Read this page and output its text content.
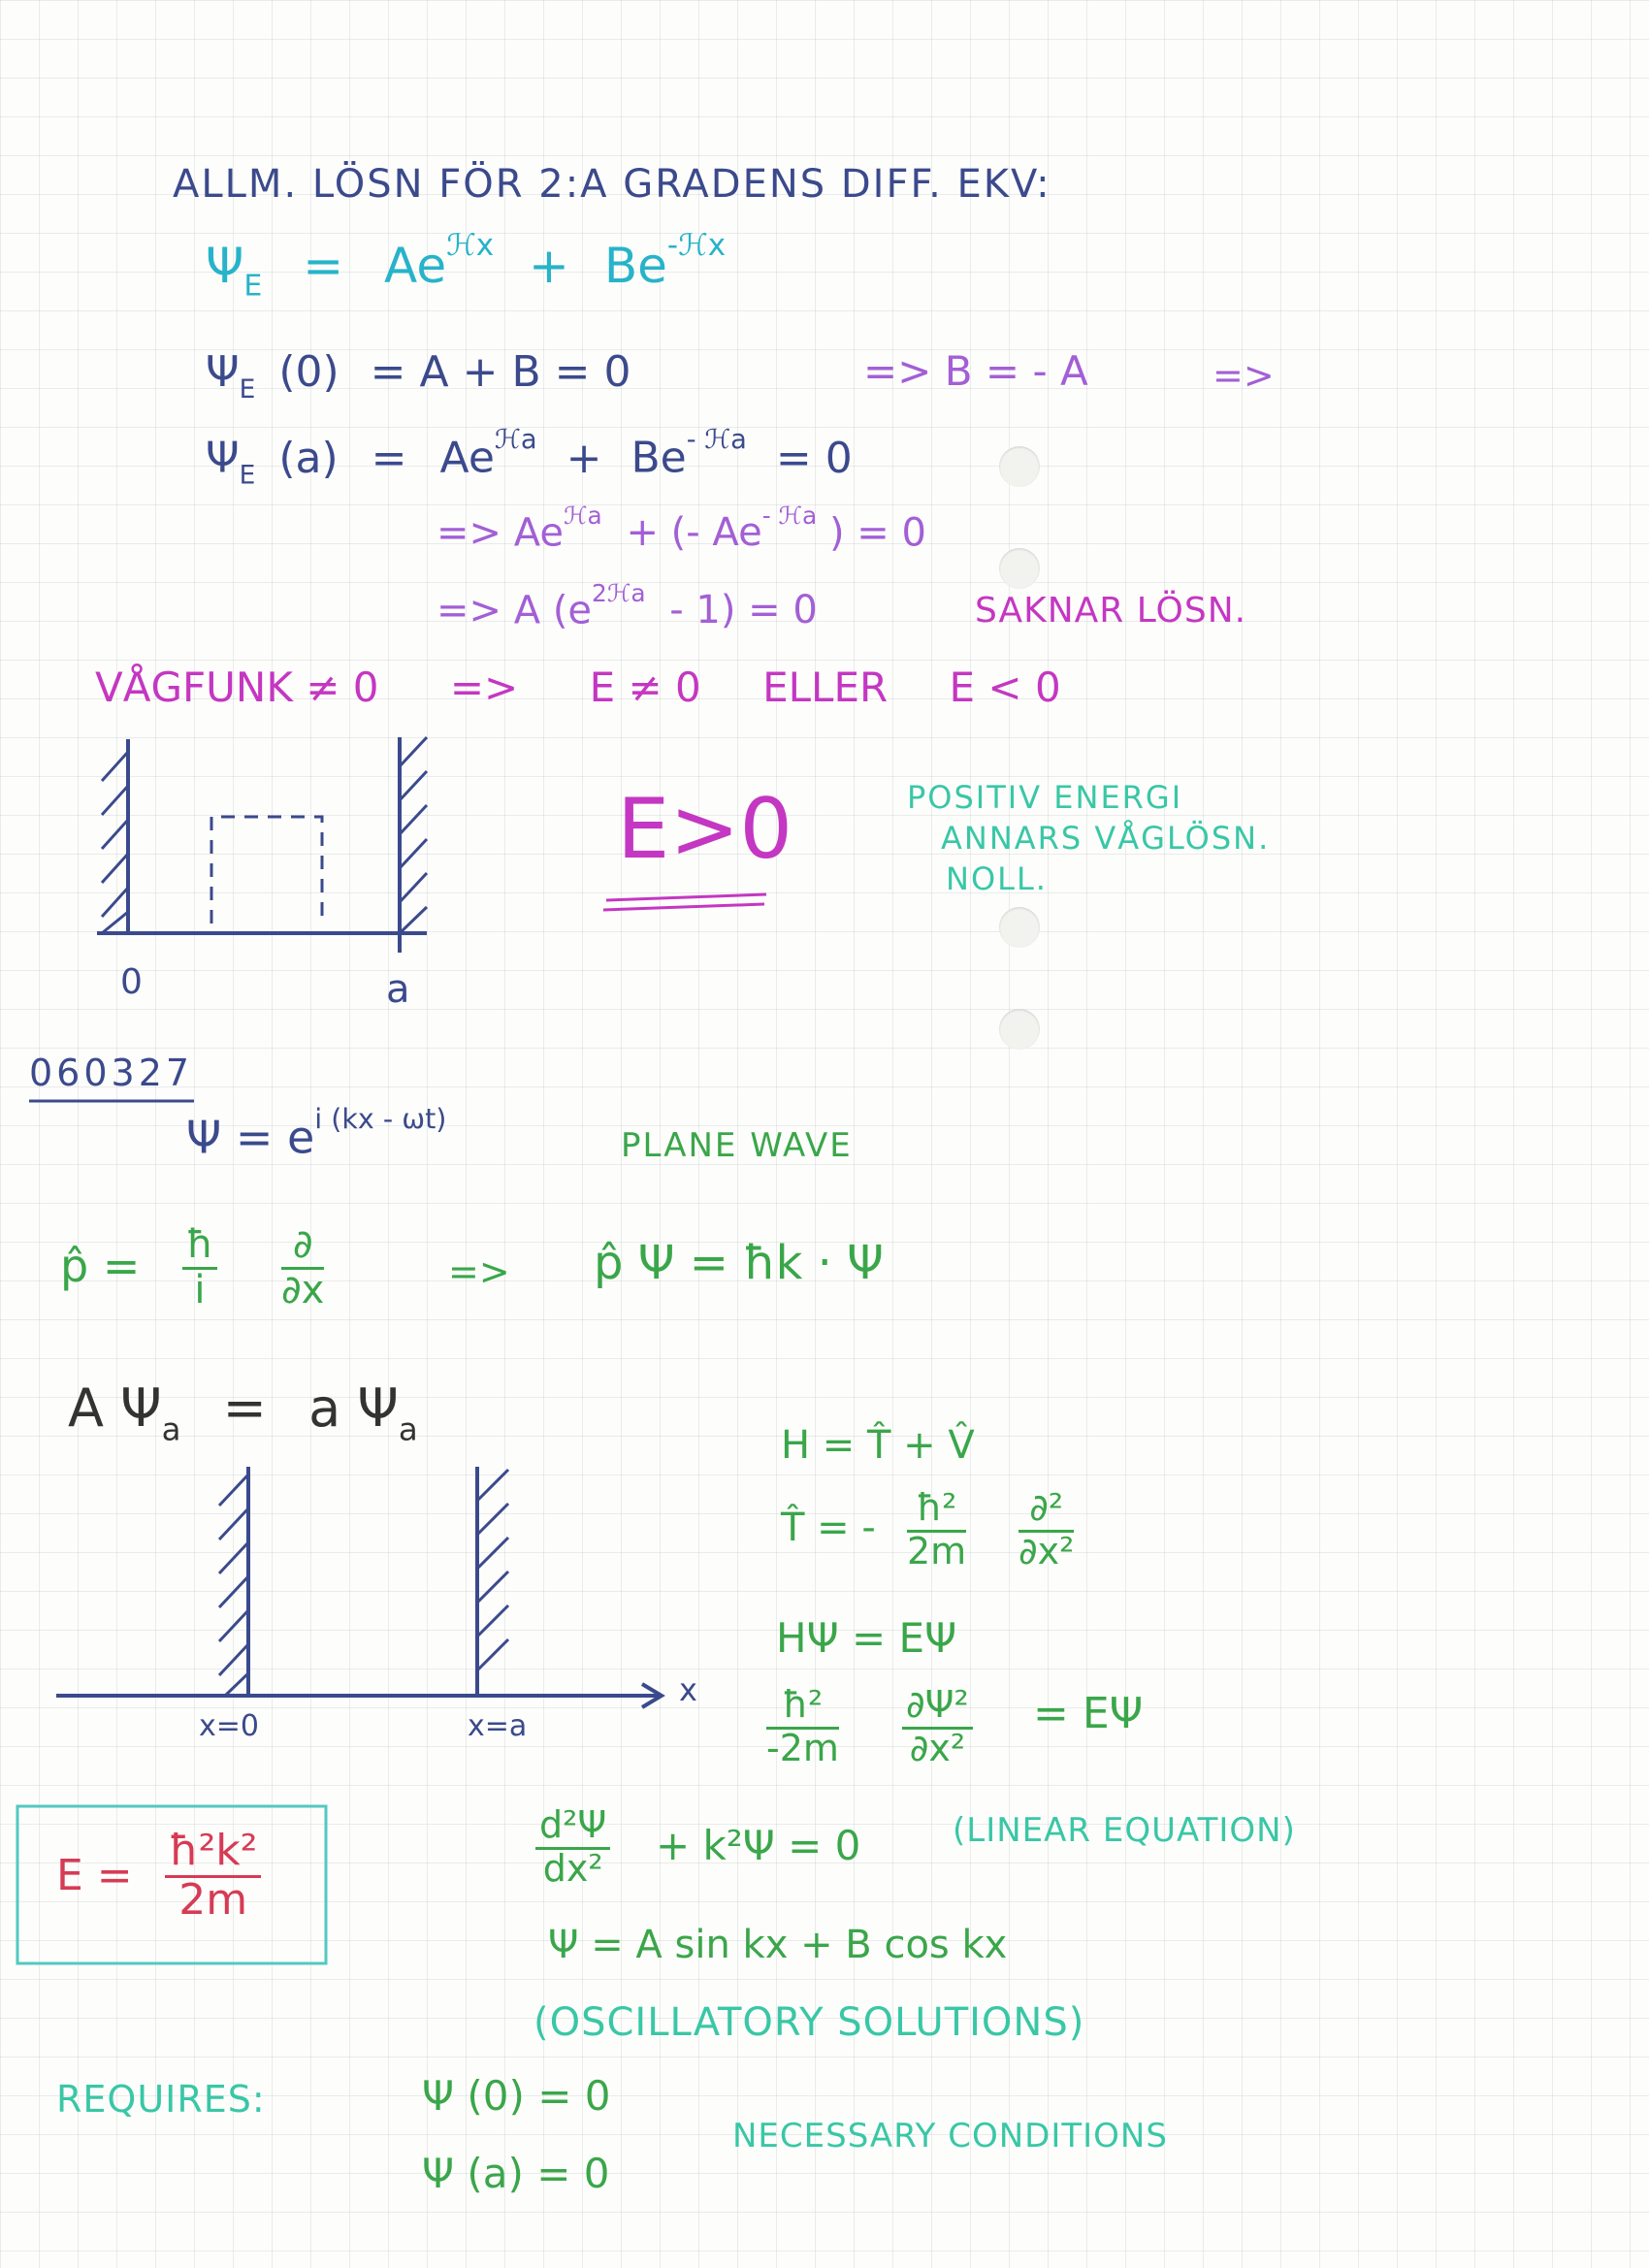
ALLM. LÖSN FÖR 2:A GRADENS DIFF. EKV:
$\Psi_E = Ae^{ℋx} + Be^{-ℋx}$
$\Psi_E$ (0) = A + B = 0	=> B = - A	=>
$\Psi_E$ $(a) = Ae^{ℋa} + Be^{- ℋa} = 0$
=> $Ae^{ℋa}$ + (- $Ae^{- ℋa}$ ) = 0
=> A $(e^{2ℋa} - 1) = 0$	SAKNAR LÖSN.
VÅGFUNK ≠ 0 => E ≠ 0 ELLER E < 0
0	a
E>0	POSITIV ENERGI
ANNARS VÅGLÖSN.
NOLL.
060327
$\Psi = e^{i (kx - \omega t)}$
PLANE WAVE
p̂ = $\frac{ħ}{i}$ ∂
∂x	=> p̂ Ψ = ħk · Ψ
A $\Psi_a = a$ $\Psi_a$
x=0	x=a
x
H = T̂ + V̂
T̂ = - $\frac{\text{ħ²}}{2m} \partial^2$
∂x²
HΨ = EΨ
$\frac{\text{ħ²}}{-2m} \frac{\text{∂Ψ²}}{\text{∂x²}} = E\Psi$
$E = \frac{\text{ħ²k²}}{2m}$	$\frac{\text{d²Ψ}}{\text{dx²}} + k^2\Psi = 0$	(LINEAR EQUATION)
Ψ = A sin kx + B cos kx
(OSCILLATORY SOLUTIONS)
REQUIRES:	Ψ (0) = 0
Ψ (a) = 0
NECESSARY CONDITIONS
